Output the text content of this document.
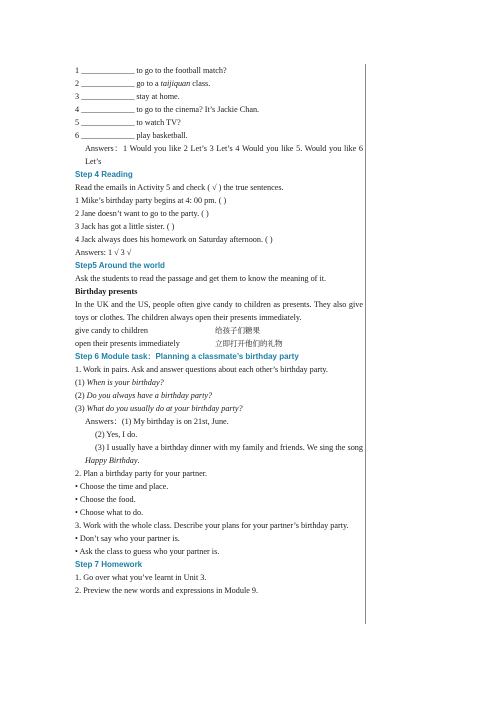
1 ______________ to go to the football match?
2 ______________ go to a taijiquan class.
3 ______________ stay at home.
4 ______________ to go to the cinema? It’s Jackie Chan.
5 ______________ to watch TV?
6 ______________ play basketball.
Answers：1 Would you like 2 Let’s 3 Let’s 4 Would you like 5. Would you like 6 Let’s
Step 4 Reading
Read the emails in Activity 5 and check ( √ ) the true sentences.
1 Mike’s birthday party begins at 4: 00 pm. ( )
2 Jane doesn’t want to go to the party. ( )
3 Jack has got a little sister. ( )
4 Jack always does his homework on Saturday afternoon. ( )
Answers: 1 √ 3 √
Step5 Around the world
Ask the students to read the passage and get them to know the meaning of it.
Birthday presents
In the UK and the US, people often give candy to children as presents. They also give toys or clothes. The children always open their presents immediately.
give candy to children	给孩子们糖果
open their presents immediately	立即打开他们的礼物
Step 6 Module task：Planning a classmate’s birthday party
1. Work in pairs. Ask and answer questions about each other’s birthday party.
(1) When is your birthday?
(2) Do you always have a birthday party?
(3) What do you usually do at your birthday party?
Answers：(1) My birthday is on 21st, June.
(2) Yes, I do.
(3) I usually have a birthday dinner with my family and friends. We sing the song Happy Birthday.
2. Plan a birthday party for your partner.
• Choose the time and place.
• Choose the food.
• Choose what to do.
3. Work with the whole class. Describe your plans for your partner’s birthday party.
• Don’t say who your partner is.
• Ask the class to guess who your partner is.
Step 7 Homework
1. Go over what you’ve learnt in Unit 3.
2. Preview the new words and expressions in Module 9.
